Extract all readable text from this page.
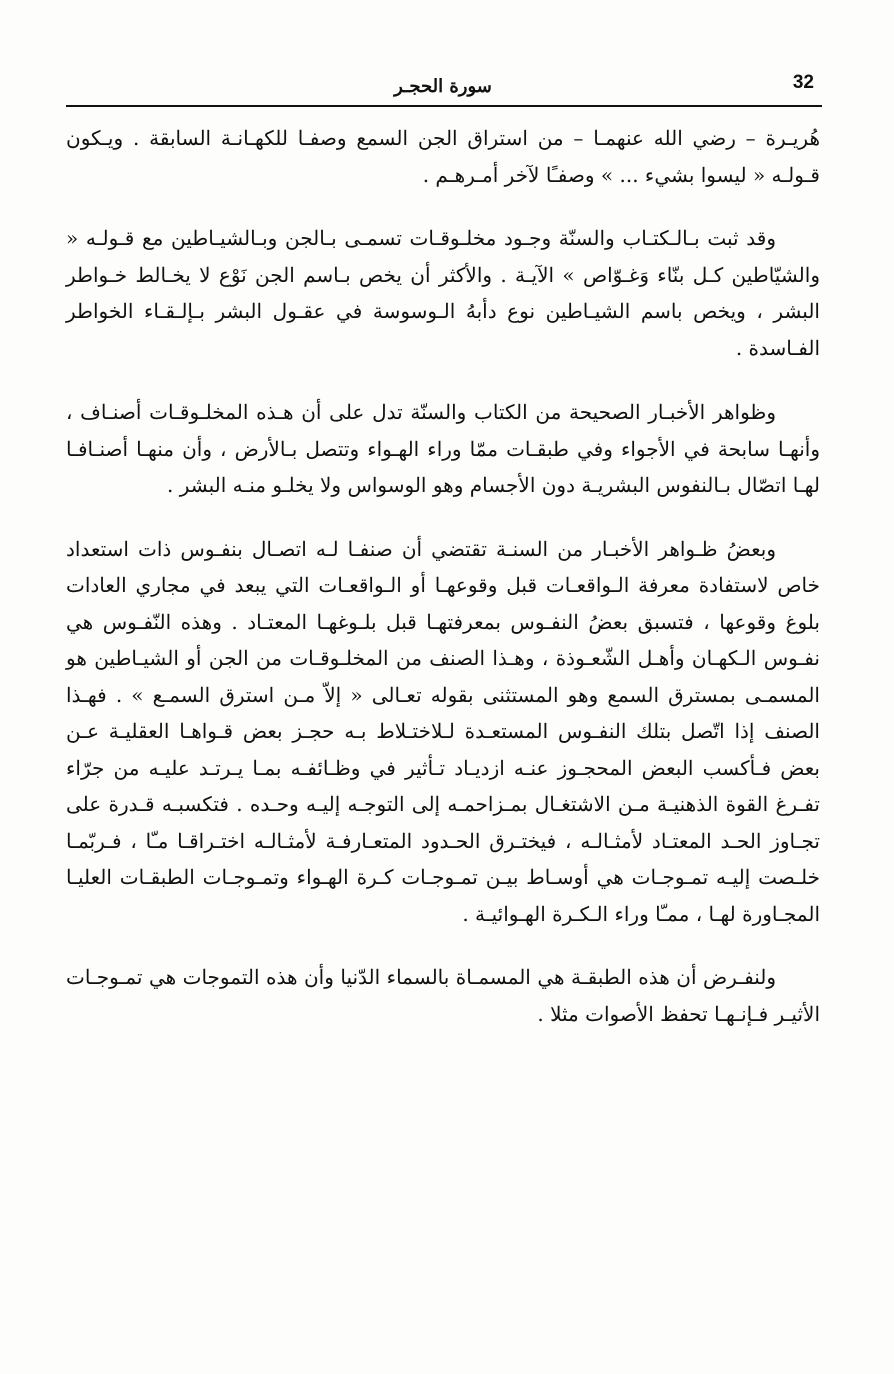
32
سورة الحجـر

هُريـرة – رضي الله عنهمـا – من استراق الجن السمع وصفـا للكهـانـة السابقة . ويـكون قـولـه « ليسوا بشيء ... » وصفـًا لآخر أمـرهـم .

وقد ثبت بـالـكتـاب والسنّة وجـود مخلـوقـات تسمـى بـالجن وبـالشيـاطين مع قـولـه « والشيّاطين كـل بنّاء وَغـوّاص » الآيـة . والأكثر أن يخص بـاسم الجن نَوْع لا يخـالط خـواطر البشر ، ويخص باسم الشيـاطين نوع دأبهُ الـوسوسة في عقـول البشر بـإلـقـاء الخواطر الفـاسدة .

وظواهر الأخبـار الصحيحة من الكتاب والسنّة تدل على أن هـذه المخلـوقـات أصنـاف ، وأنهـا سابحة في الأجواء وفي طبقـات ممّا وراء الهـواء وتتصل بـالأرض ، وأن منهـا أصنـافـا لهـا اتصّال بـالنفوس البشريـة دون الأجسام وهو الوسواس ولا يخلـو منـه البشر .

وبعضُ ظـواهر الأخبـار من السنـة تقتضي أن صنفـا لـه اتصـال بنفـوس ذات استعداد خاص لاستفادة معرفة الـواقعـات قبل وقوعهـا أو الـواقعـات التي يبعد في مجاري العادات بلوغ وقوعها ، فتسبق بعضُ النفـوس بمعرفتهـا قبل بلـوغهـا المعتـاد . وهذه النّفـوس هي نفـوس الـكهـان وأهـل الشّعـوذة ، وهـذا الصنف من المخلـوقـات من الجن أو الشيـاطين هو المسمـى بمسترق السمع وهو المستثنى بقوله تعـالى « إلاّ مـن استرق السمـع » . فهـذا الصنف إذا اتّصل بتلك النفـوس المستعـدة لـلاختـلاط بـه حجـز بعض قـواهـا العقليـة عـن بعض فـأكسب البعض المحجـوز عنـه ازديـاد تـأثير في وظـائفـه بمـا يـرتـد عليـه من جرّاء تفـرغ القوة الذهنيـة مـن الاشتغـال بمـزاحمـه إلى التوجـه إليـه وحـده . فتكسبـه قـدرة على تجـاوز الحـد المعتـاد لأمثـالـه ، فيختـرق الحـدود المتعـارفـة لأمثـالـه اختـراقـا مـّا ، فـربّمـا خلـصت إليـه تمـوجـات هي أوسـاط بيـن تمـوجـات كـرة الهـواء وتمـوجـات الطبقـات العليـا المجـاورة لهـا ، ممـّا وراء الـكـرة الهـوائيـة .

ولنفـرض أن هذه الطبقـة هي المسمـاة بالسماء الدّنيا وأن هذه التموجات هي تمـوجـات الأثيـر فـإنـهـا تحفظ الأصوات مثلا .
